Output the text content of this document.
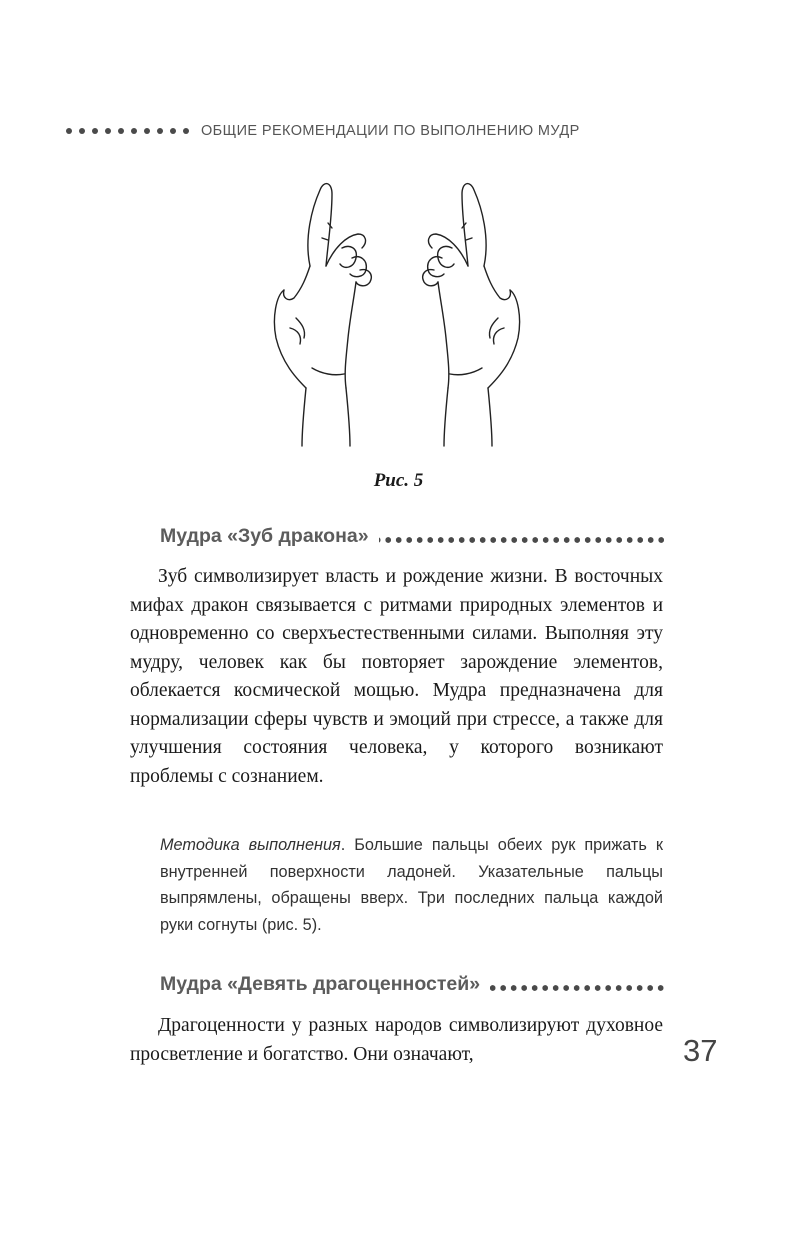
ОБЩИЕ РЕКОМЕНДАЦИИ ПО ВЫПОЛНЕНИЮ МУДР
Рис. 5
Мудра «Зуб дракона»
Зуб символизирует власть и рождение жизни. В восточных мифах дракон связывается с ритмами природных элементов и одновременно со сверхъестественными силами. Выполняя эту мудру, человек как бы повторяет зарождение элементов, облекается космической мощью. Мудра предназначена для нормализации сферы чувств и эмоций при стрессе, а также для улучшения состояния человека, у которого возникают проблемы с сознанием.
Методика выполнения. Большие пальцы обеих рук прижать к внутренней поверхности ладоней. Указательные пальцы выпрямлены, обращены вверх. Три последних пальца каждой руки согнуты (рис. 5).
Мудра «Девять драгоценностей»
Драгоценности у разных народов символизируют духовное просветление и богатство. Они означают,	37
